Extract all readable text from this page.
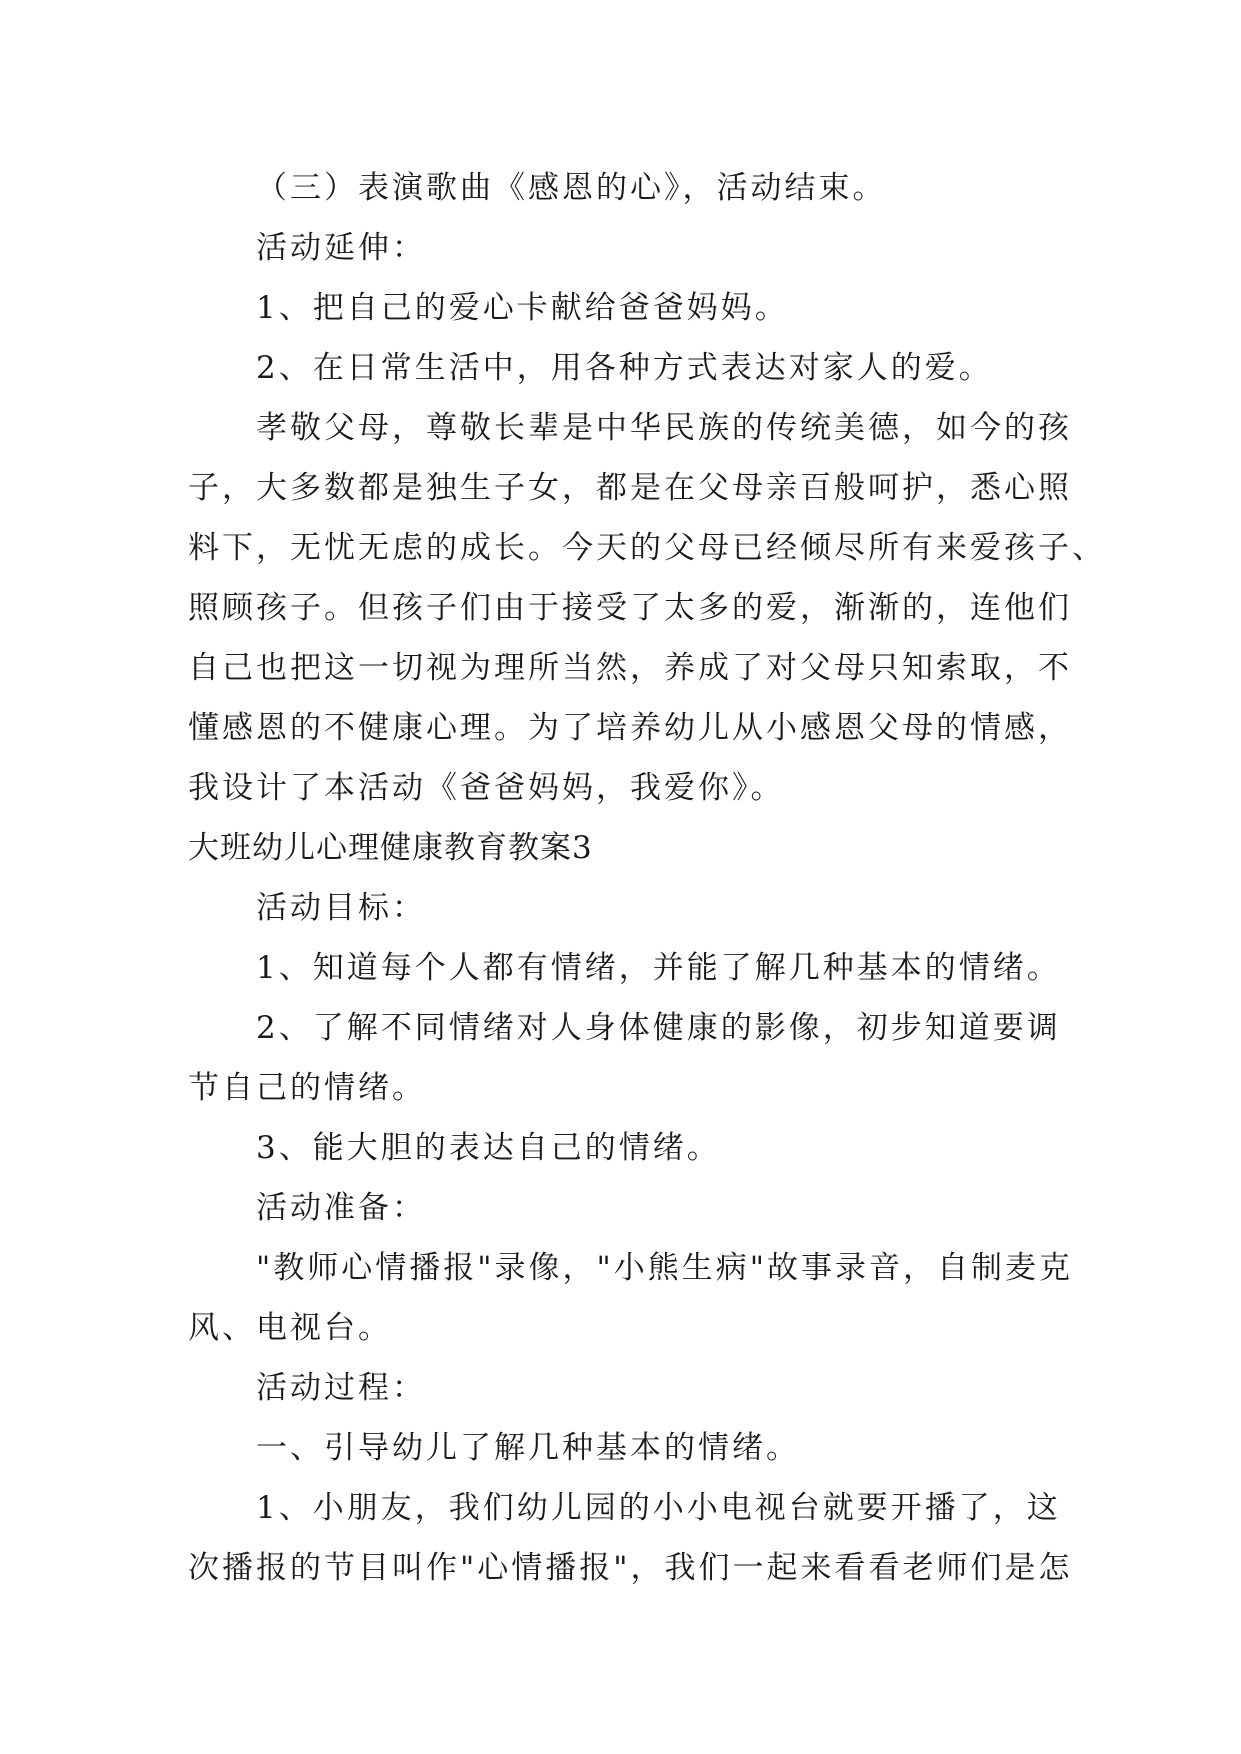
（三）表演歌曲《感恩的心》，活动结束。
活动延伸：
1、把自己的爱心卡献给爸爸妈妈。
2、在日常生活中，用各种方式表达对家人的爱。
孝敬父母，尊敬长辈是中华民族的传统美德，如今的孩
子，大多数都是独生子女，都是在父母亲百般呵护，悉心照
料下，无忧无虑的成长。今天的父母已经倾尽所有来爱孩子、
照顾孩子。但孩子们由于接受了太多的爱，渐渐的，连他们
自己也把这一切视为理所当然，养成了对父母只知索取，不
懂感恩的不健康心理。为了培养幼儿从小感恩父母的情感，
我设计了本活动《爸爸妈妈，我爱你》。
大班幼儿心理健康教育教案3
活动目标：
1、知道每个人都有情绪，并能了解几种基本的情绪。
2、了解不同情绪对人身体健康的影像，初步知道要调
节自己的情绪。
3、能大胆的表达自己的情绪。
活动准备：
"教师心情播报"录像，"小熊生病"故事录音，自制麦克
风、电视台。
活动过程：
一、引导幼儿了解几种基本的情绪。
1、小朋友，我们幼儿园的小小电视台就要开播了，这
次播报的节目叫作"心情播报"，我们一起来看看老师们是怎
